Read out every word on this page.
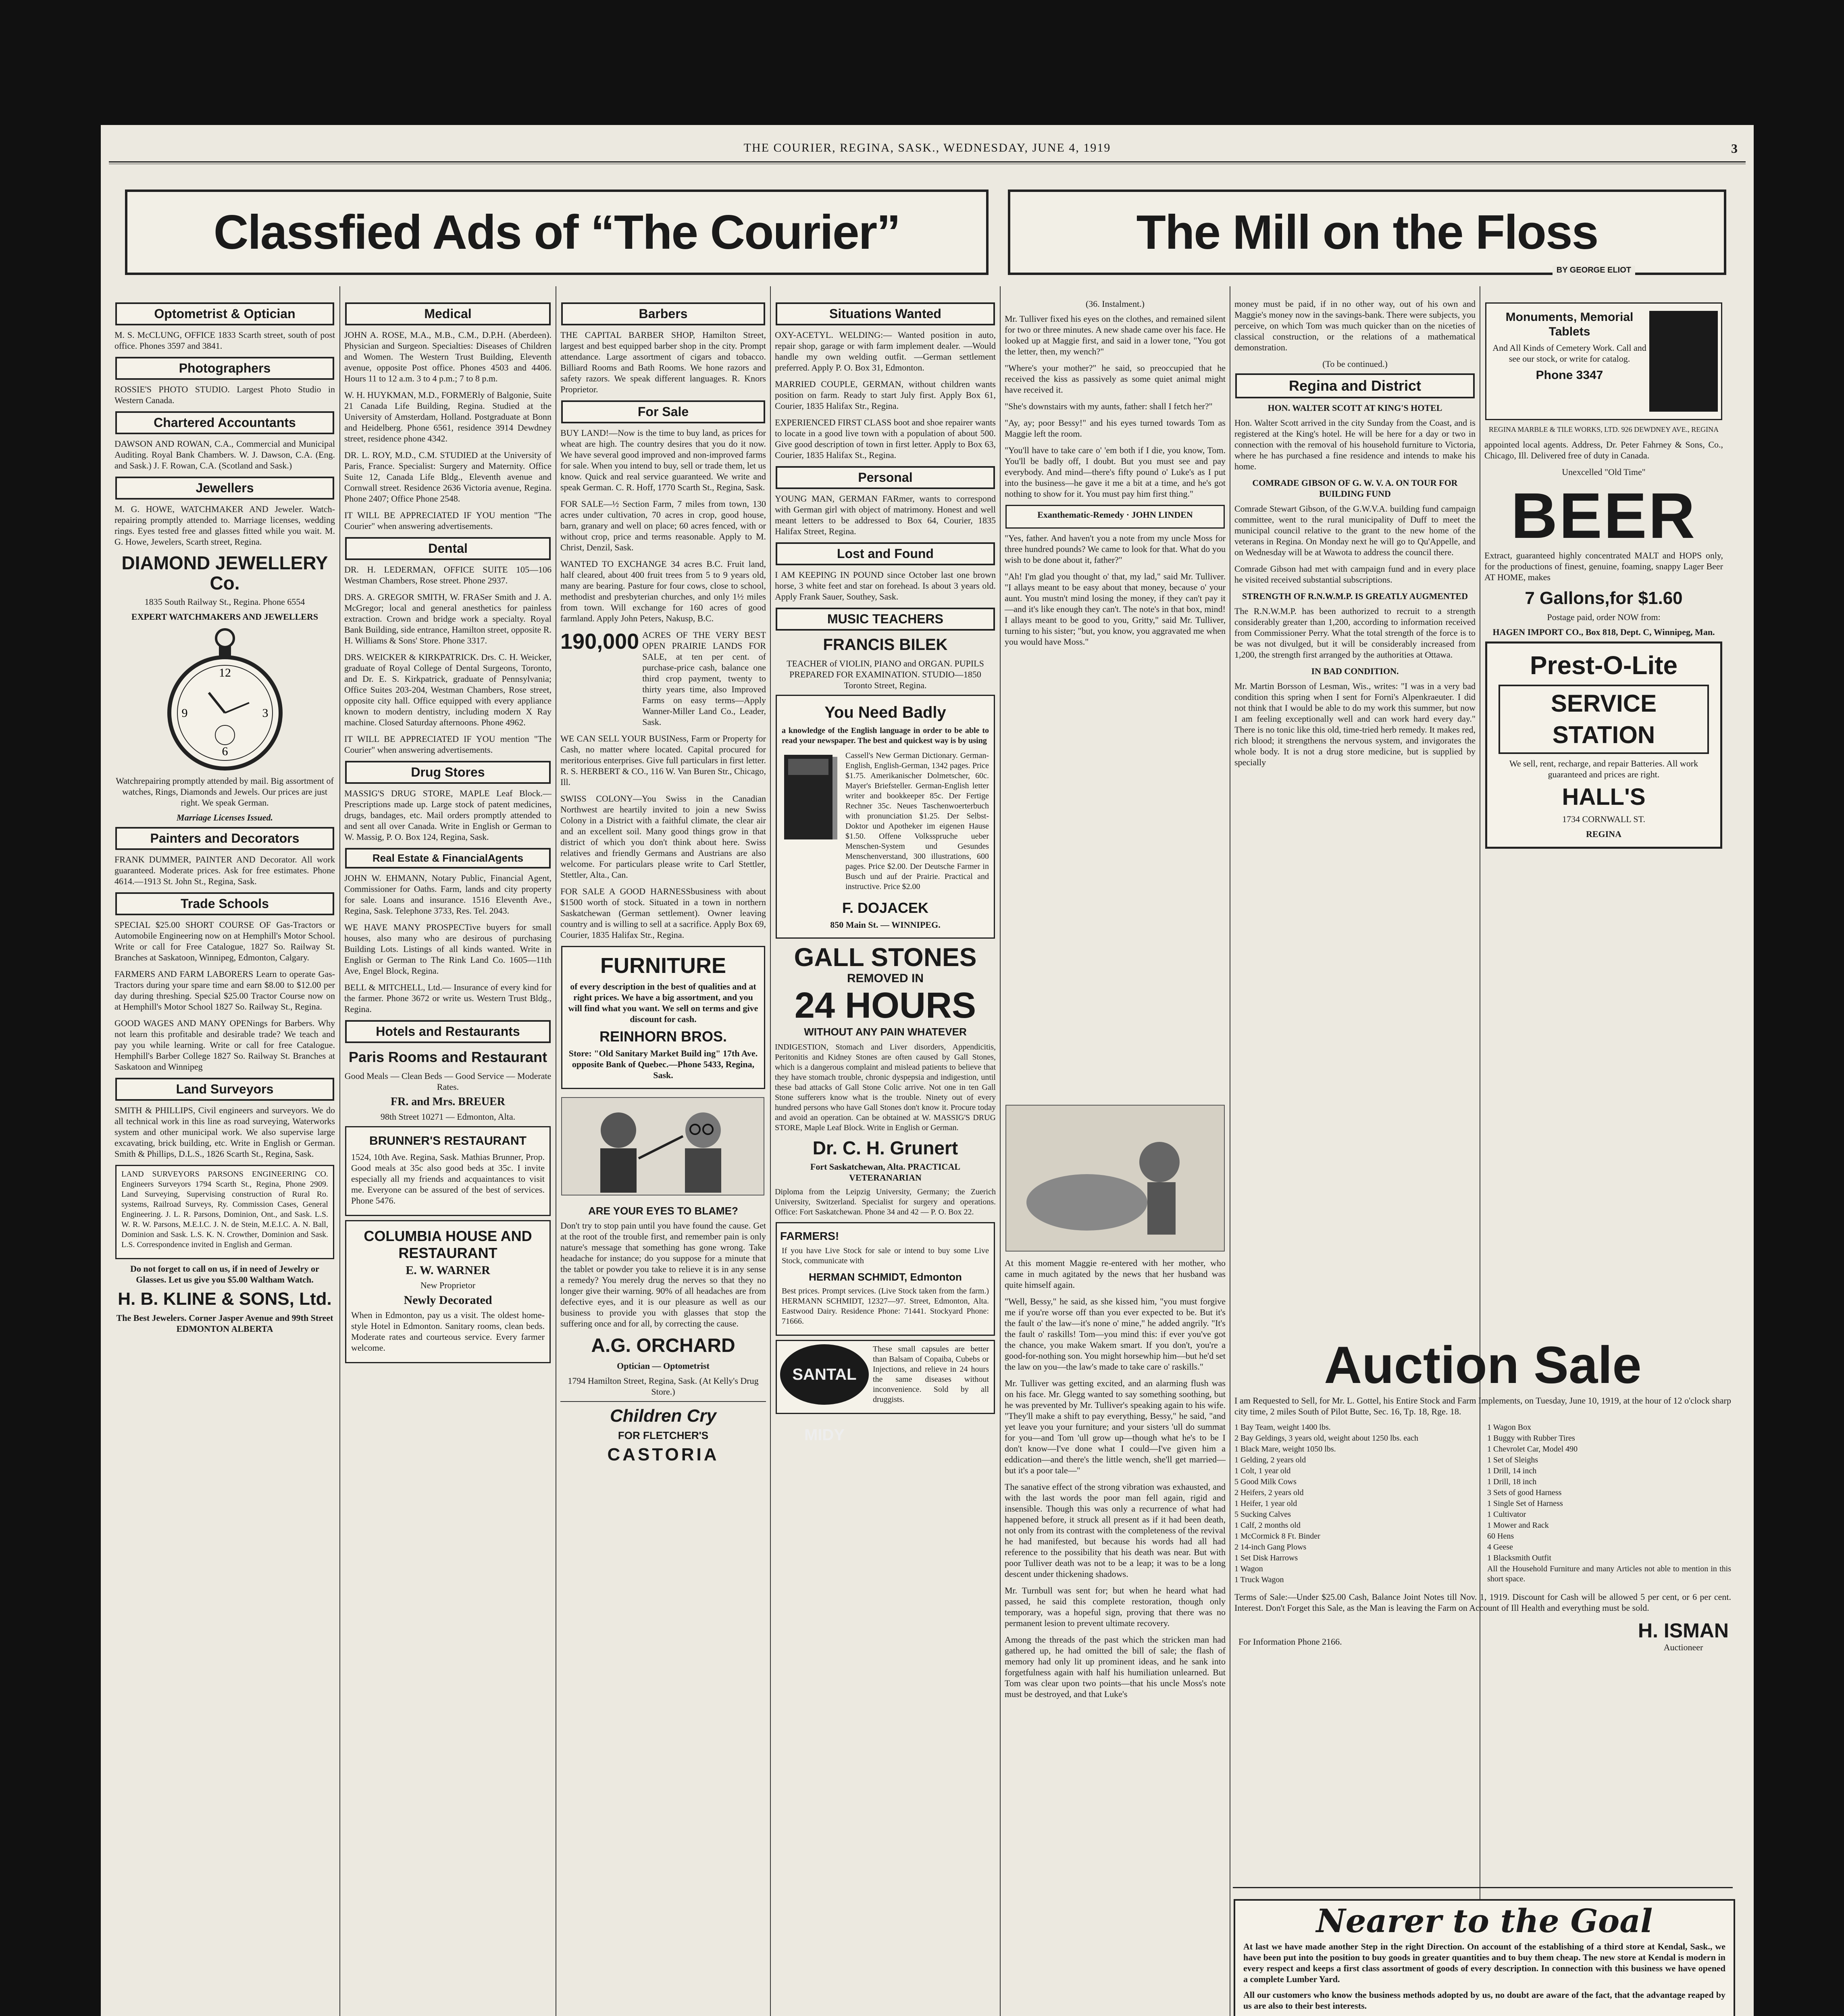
THE COURIER, REGINA, SASK., WEDNESDAY, JUNE 4, 1919	3
Classfied Ads of “The Courier”	The Mill on the Floss
BY GEORGE ELIOT
Optometrist & Optician

M. S. McCLUNG, OFFICE 1833 Scarth street, south of post office. Phones 3597 and 3841.

Photographers

ROSSIE'S PHOTO STUDIO. Largest Photo Studio in Western Canada.

Chartered Accountants

DAWSON AND ROWAN, C.A., Commercial and Municipal Auditing. Royal Bank Chambers. W. J. Dawson, C.A. (Eng. and Sask.) J. F. Rowan, C.A. (Scotland and Sask.)

Jewellers

M. G. HOWE, WATCHMAKER AND Jeweler. Watch-repairing promptly attended to. Marriage licenses, wedding rings. Eyes tested free and glasses fitted while you wait. M. G. Howe, Jewelers, Scarth street, Regina.

DIAMOND JEWELLERY Co.

1835 South Railway St., Regina. Phone 6554

EXPERT WATCHMAKERS AND JEWELLERS

12
3
6
9

Watchrepairing promptly attended by mail. Big assortment of watches, Rings, Diamonds and Jewels. Our prices are just right. We speak German.

Marriage Licenses Issued.

Painters and Decorators

FRANK DUMMER, PAINTER AND Decorator. All work guaranteed. Moderate prices. Ask for free estimates. Phone 4614.—1913 St. John St., Regina, Sask.

Trade Schools

SPECIAL $25.00 SHORT COURSE OF Gas-Tractors or Automobile Engineering now on at Hemphill's Motor School. Write or call for Free Catalogue, 1827 So. Railway St. Branches at Saskatoon, Winnipeg, Edmonton, Calgary.

FARMERS AND FARM LABORERS Learn to operate Gas-Tractors during your spare time and earn $8.00 to $12.00 per day during threshing. Special $25.00 Tractor Course now on at Hemphill's Motor School 1827 So. Railway St., Regina.

GOOD WAGES AND MANY OPENings for Barbers. Why not learn this profitable and desirable trade? We teach and pay you while learning. Write or call for free Catalogue. Hemphill's Barber College 1827 So. Railway St. Branches at Saskatoon and Winnipeg

Land Surveyors

SMITH & PHILLIPS, Civil engineers and surveyors. We do all technical work in this line as road surveying, Waterworks system and other municipal work. We also supervise large excavating, brick building, etc. Write in English or German. Smith & Phillips, D.L.S., 1826 Scarth St., Regina, Sask.

LAND SURVEYORS PARSONS ENGINEERING CO. Engineers Surveyors 1794 Scarth St., Regina, Phone 2909. Land Surveying, Supervising construction of Rural Ro. systems, Railroad Surveys, Ry. Commission Cases, General Engineering. J. L. R. Parsons, Dominion, Ont., and Sask. L.S. W. R. W. Parsons, M.E.I.C. J. N. de Stein, M.E.I.C. A. N. Ball, Dominion and Sask. L.S. K. N. Crowther, Dominion and Sask. L.S. Correspondence invited in English and German.

Do not forget to call on us, if in need of Jewelry or Glasses. Let us give you $5.00 Waltham Watch.

H. B. KLINE & SONS, Ltd.

The Best Jewelers. Corner Jasper Avenue and 99th Street EDMONTON ALBERTA

Medical

JOHN A. ROSE, M.A., M.B., C.M., D.P.H. (Aberdeen). Physician and Surgeon. Specialties: Diseases of Children and Women. The Western Trust Building, Eleventh avenue, opposite Post office. Phones 4503 and 4406. Hours 11 to 12 a.m. 3 to 4 p.m.; 7 to 8 p.m.

W. H. HUYKMAN, M.D., FORMERly of Balgonie, Suite 21 Canada Life Building, Regina. Studied at the University of Amsterdam, Holland. Postgraduate at Bonn and Heidelberg. Phone 6561, residence 3914 Dewdney street, residence phone 4342.

DR. L. ROY, M.D., C.M. STUDIED at the University of Paris, France. Specialist: Surgery and Maternity. Office Suite 12, Canada Life Bldg., Eleventh avenue and Cornwall street. Residence 2636 Victoria avenue, Regina. Phone 2407; Office Phone 2548.

IT WILL BE APPRECIATED IF YOU mention "The Courier" when answering advertisements.

Dental

DR. H. LEDERMAN, OFFICE SUITE 105—106 Westman Chambers, Rose street. Phone 2937.

DRS. A. GREGOR SMITH, W. FRASer Smith and J. A. McGregor; local and general anesthetics for painless extraction. Crown and bridge work a specialty. Royal Bank Building, side entrance, Hamilton street, opposite R. H. Williams & Sons' Store. Phone 3317.

DRS. WEICKER & KIRKPATRICK. Drs. C. H. Weicker, graduate of Royal College of Dental Surgeons, Toronto, and Dr. E. S. Kirkpatrick, graduate of Pennsylvania; Office Suites 203-204, Westman Chambers, Rose street, opposite city hall. Office equipped with every appliance known to modern dentistry, including modern X Ray machine. Closed Saturday afternoons. Phone 4962.

IT WILL BE APPRECIATED IF YOU mention "The Courier" when answering advertisements.

Drug Stores

MASSIG'S DRUG STORE, MAPLE Leaf Block.—Prescriptions made up. Large stock of patent medicines, drugs, bandages, etc. Mail orders promptly attended to and sent all over Canada. Write in English or German to W. Massig, P. O. Box 124, Regina, Sask.

Real Estate & FinancialAgents

JOHN W. EHMANN, Notary Public, Financial Agent, Commissioner for Oaths. Farm, lands and city property for sale. Loans and insurance. 1516 Eleventh Ave., Regina, Sask. Telephone 3733, Res. Tel. 2043.

WE HAVE MANY PROSPECTive buyers for small houses, also many who are desirous of purchasing Building Lots. Listings of all kinds wanted. Write in English or German to The Rink Land Co. 1605—11th Ave, Engel Block, Regina.

BELL & MITCHELL, Ltd.— Insurance of every kind for the farmer. Phone 3672 or write us. Western Trust Bldg., Regina.

Hotels and Restaurants
Paris Rooms and Restaurant

Good Meals — Clean Beds — Good Service — Moderate Rates.

FR. and Mrs. BREUER

98th Street 10271 — Edmonton, Alta.

BRUNNER'S RESTAURANT

1524, 10th Ave. Regina, Sask. Mathias Brunner, Prop. Good meals at 35c also good beds at 35c. I invite especially all my friends and acquaintances to visit me. Everyone can be assured of the best of services. Phone 5476.

COLUMBIA HOUSE AND RESTAURANT

E. W. WARNER

New Proprietor

Newly Decorated

When in Edmonton, pay us a visit. The oldest home-style Hotel in Edmonton. Sanitary rooms, clean beds. Moderate rates and courteous service. Every farmer welcome.

Barbers

THE CAPITAL BARBER SHOP, Hamilton Street, largest and best equipped barber shop in the city. Prompt attendance. Large assortment of cigars and tobacco. Billiard Rooms and Bath Rooms. We hone razors and safety razors. We speak different languages. R. Knors Proprietor.

For Sale

BUY LAND!—Now is the time to buy land, as prices for wheat are high. The country desires that you do it now. We have several good improved and non-improved farms for sale. When you intend to buy, sell or trade them, let us know. Quick and real service guaranteed. We write and speak German. C. R. Hoff, 1770 Scarth St., Regina, Sask.

FOR SALE—½ Section Farm, 7 miles from town, 130 acres under cultivation, 70 acres in crop, good house, barn, granary and well on place; 60 acres fenced, with or without crop, price and terms reasonable. Apply to M. Christ, Denzil, Sask.

WANTED TO EXCHANGE 34 acres B.C. Fruit land, half cleared, about 400 fruit trees from 5 to 9 years old, many are bearing. Pasture for four cows, close to school, methodist and presbyterian churches, and only 1½ miles from town. Will exchange for 160 acres of good farmland. Apply John Peters, Nakusp, B.C.

190,000 ACRES OF THE VERY BEST OPEN PRAIRIE LANDS FOR SALE, at ten per cent. of purchase-price cash, balance one third crop payment, twenty to thirty years time, also Improved Farms on easy terms—Apply Wanner-Miller Land Co., Leader, Sask.

WE CAN SELL YOUR BUSINess, Farm or Property for Cash, no matter where located. Capital procured for meritorious enterprises. Give full particulars in first letter. R. S. HERBERT & CO., 116 W. Van Buren Str., Chicago, Ill.

SWISS COLONY—You Swiss in the Canadian Northwest are heartily invited to join a new Swiss Colony in a District with a faithful climate, the clear air and an excellent soil. Many good things grow in that district of which you don't think about here. Swiss relatives and friendly Germans and Austrians are also welcome. For particulars please write to Carl Stettler, Stettler, Alta., Can.

FOR SALE A GOOD HARNESSbusiness with about $1500 worth of stock. Situated in a town in northern Saskatchewan (German settlement). Owner leaving country and is willing to sell at a sacrifice. Apply Box 69, Courier, 1835 Halifax Str., Regina.

FURNITURE

of every description in the best of qualities and at right prices. We have a big assortment, and you will find what you want. We sell on terms and give discount for cash.

REINHORN BROS.

Store: "Old Sanitary Market Build ing" 17th Ave. opposite Bank of Quebec.—Phone 5433, Regina, Sask.

ARE YOUR EYES TO BLAME?

Don't try to stop pain until you have found the cause. Get at the root of the trouble first, and remember pain is only nature's message that something has gone wrong. Take headache for instance; do you suppose for a minute that the tablet or powder you take to relieve it is in any sense a remedy? You merely drug the nerves so that they no longer give their warning. 90% of all headaches are from defective eyes, and it is our pleasure as well as our business to provide you with glasses that stop the suffering once and for all, by correcting the cause.

A.G. ORCHARD

Optician — Optometrist

1794 Hamilton Street, Regina, Sask. (At Kelly's Drug Store.)

Children Cry
FOR FLETCHER'S
CASTORIA
Situations Wanted

OXY-ACETYL. WELDING:— Wanted position in auto, repair shop, garage or with farm implement dealer. —Would handle my own welding outfit. —German settlement preferred. Apply P. O. Box 31, Edmonton.

MARRIED COUPLE, GERMAN, without children wants position on farm. Ready to start July first. Apply Box 61, Courier, 1835 Halifax Str., Regina.

EXPERIENCED FIRST CLASS boot and shoe repairer wants to locate in a good live town with a population of about 500. Give good description of town in first letter. Apply to Box 63, Courier, 1835 Halifax St., Regina.

Personal

YOUNG MAN, GERMAN FARmer, wants to correspond with German girl with object of matrimony. Honest and well meant letters to be addressed to Box 64, Courier, 1835 Halifax Street, Regina.

Lost and Found

I AM KEEPING IN POUND since October last one brown horse, 3 white feet and star on forehead. Is about 3 years old. Apply Frank Sauer, Southey, Sask.

MUSIC TEACHERS
FRANCIS BILEK

TEACHER of VIOLIN, PIANO and ORGAN. PUPILS PREPARED FOR EXAMINATION. STUDIO—1850 Toronto Street, Regina.

You Need Badly

a knowledge of the English language in order to be able to read your newspaper. The best and quickest way is by using

Cassell's New German Dictionary. German-English, English-German, 1342 pages. Price $1.75. Amerikanischer Dolmetscher, 60c. Mayer's Briefsteller. German-English letter writer and bookkeeper 85c. Der Fertige Rechner 35c. Neues Taschenwoerterbuch with pronunciation $1.25. Der Selbst-Doktor und Apotheker im eigenen Hause $1.50. Offene Volksspruche ueber Menschen-System und Gesundes Menschenverstand, 300 illustrations, 600 pages. Price $2.00. Der Deutsche Farmer in Busch und auf der Prairie. Practical and instructive. Price $2.00

F. DOJACEK

850 Main St. — WINNIPEG.

GALL STONES
REMOVED IN
24 HOURS
WITHOUT ANY PAIN WHATEVER

INDIGESTION, Stomach and Liver disorders, Appendicitis, Peritonitis and Kidney Stones are often caused by Gall Stones, which is a dangerous complaint and mislead patients to believe that they have stomach trouble, chronic dyspepsia and indigestion, until these bad attacks of Gall Stone Colic arrive. Not one in ten Gall Stone sufferers know what is the trouble. Ninety out of every hundred persons who have Gall Stones don't know it. Procure today and avoid an operation. Can be obtained at W. MASSIG'S DRUG STORE, Maple Leaf Block. Write in English or German.

Dr. C. H. Grunert

Fort Saskatchewan, Alta. PRACTICAL VETERANARIAN

Diploma from the Leipzig University, Germany; the Zuerich University, Switzerland. Specialist for surgery and operations. Office: Fort Saskatchewan. Phone 34 and 42 — P. O. Box 22.

FARMERS!

If you have Live Stock for sale or intend to buy some Live Stock, communicate with

HERMAN SCHMIDT, Edmonton

Best prices. Prompt services. (Live Stock taken from the farm.) HERMANN SCHMIDT, 12327—97. Street, Edmonton, Alta. Eastwood Dairy. Residence Phone: 71441. Stockyard Phone: 71666.

SANTAL MIDY

These small capsules are better than Balsam of Copaiba, Cubebs or Injections, and relieve in 24 hours the same diseases without inconvenience. Sold by all druggists.

(36. Instalment.)

Mr. Tulliver fixed his eyes on the clothes, and remained silent for two or three minutes. A new shade came over his face. He looked up at Maggie first, and said in a lower tone, "You got the letter, then, my wench?"

"Where's your mother?" he said, so preoccupied that he received the kiss as passively as some quiet animal might have received it.

"She's downstairs with my aunts, father: shall I fetch her?"

"Ay, ay; poor Bessy!" and his eyes turned towards Tom as Maggie left the room.

"You'll have to take care o' 'em both if I die, you know, Tom. You'll be badly off, I doubt. But you must see and pay everybody. And mind—there's fifty pound o' Luke's as I put into the business—he gave it me a bit at a time, and he's got nothing to show for it. You must pay him first thing."

Exanthematic-Remedy · JOHN LINDEN

"Yes, father. And haven't you a note from my uncle Moss for three hundred pounds? We came to look for that. What do you wish to be done about it, father?"

"Ah! I'm glad you thought o' that, my lad," said Mr. Tulliver. "I allays meant to be easy about that money, because o' your aunt. You mustn't mind losing the money, if they can't pay it—and it's like enough they can't. The note's in that box, mind! I allays meant to be good to you, Gritty," said Mr. Tulliver, turning to his sister; "but, you know, you aggravated me when you would have Moss."

At this moment Maggie re-entered with her mother, who came in much agitated by the news that her husband was quite himself again.

"Well, Bessy," he said, as she kissed him, "you must forgive me if you're worse off than you ever expected to be. But it's the fault o' the law—it's none o' mine," he added angrily. "It's the fault o' raskills! Tom—you mind this: if ever you've got the chance, you make Wakem smart. If you don't, you're a good-for-nothing son. You might horsewhip him—but he'd set the law on you—the law's made to take care o' raskills."

Mr. Tulliver was getting excited, and an alarming flush was on his face. Mr. Glegg wanted to say something soothing, but he was prevented by Mr. Tulliver's speaking again to his wife. "They'll make a shift to pay everything, Bessy," he said, "and yet leave you your furniture; and your sisters 'ull do summat for you—and Tom 'ull grow up—though what he's to be I don't know—I've done what I could—I've given him a eddication—and there's the little wench, she'll get married—but it's a poor tale—"

The sanative effect of the strong vibration was exhausted, and with the last words the poor man fell again, rigid and insensible. Though this was only a recurrence of what had happened before, it struck all present as if it had been death, not only from its contrast with the completeness of the revival he had manifested, but because his words had all had reference to the possibility that his death was near. But with poor Tulliver death was not to be a leap; it was to be a long descent under thickening shadows.

Mr. Turnbull was sent for; but when he heard what had passed, he said this complete restoration, though only temporary, was a hopeful sign, proving that there was no permanent lesion to prevent ultimate recovery.

Among the threads of the past which the stricken man had gathered up, he had omitted the bill of sale; the flash of memory had only lit up prominent ideas, and he sank into forgetfulness again with half his humiliation unlearned. But Tom was clear upon two points—that his uncle Moss's note must be destroyed, and that Luke's

money must be paid, if in no other way, out of his own and Maggie's money now in the savings-bank. There were subjects, you perceive, on which Tom was much quicker than on the niceties of classical construction, or the relations of a mathematical demonstration.

(To be continued.)

Regina and District

HON. WALTER SCOTT AT KING'S HOTEL

Hon. Walter Scott arrived in the city Sunday from the Coast, and is registered at the King's hotel. He will be here for a day or two in connection with the removal of his household furniture to Victoria, where he has purchased a fine residence and intends to make his home.

COMRADE GIBSON OF G. W. V. A. ON TOUR FOR BUILDING FUND

Comrade Stewart Gibson, of the G.W.V.A. building fund campaign committee, went to the rural municipality of Duff to meet the municipal council relative to the grant to the new home of the veterans in Regina. On Monday next he will go to Qu'Appelle, and on Wednesday will be at Wawota to address the council there.

Comrade Gibson had met with campaign fund and in every place he visited received substantial subscriptions.

STRENGTH OF R.N.W.M.P. IS GREATLY AUGMENTED

The R.N.W.M.P. has been authorized to recruit to a strength considerably greater than 1,200, according to information received from Commissioner Perry. What the total strength of the force is to be was not divulged, but it will be considerably increased from 1,200, the strength first arranged by the authorities at Ottawa.

IN BAD CONDITION.

Mr. Martin Borsson of Lesman, Wis., writes: "I was in a very bad condition this spring when I sent for Forni's Alpenkraeuter. I did not think that I would be able to do my work this summer, but now I am feeling exceptionally well and can work hard every day." There is no tonic like this old, time-tried herb remedy. It makes red, rich blood; it strengthens the nervous system, and invigorates the whole body. It is not a drug store medicine, but is supplied by specially

Monuments, Memorial Tablets

And All Kinds of Cemetery Work. Call and see our stock, or write for catalog.

Phone 3347

REGINA MARBLE & TILE WORKS, LTD. 926 DEWDNEY AVE., REGINA

appointed local agents. Address, Dr. Peter Fahrney & Sons, Co., Chicago, Ill. Delivered free of duty in Canada.

Unexcelled "Old Time"

BEER

Extract, guaranteed highly concentrated MALT and HOPS only, for the productions of finest, genuine, foaming, snappy Lager Beer AT HOME, makes

7 Gallons,for $1.60

Postage paid, order NOW from:

HAGEN IMPORT CO., Box 818, Dept. C, Winnipeg, Man.

Prest-O-Lite
SERVICE
STATION

We sell, rent, recharge, and repair Batteries. All work guaranteed and prices are right.

HALL'S

1734 CORNWALL ST.

REGINA

Auction Sale

I am Requested to Sell, for Mr. L. Gottel, his Entire Stock and Farm Implements, on Tuesday, June 10, 1919, at the hour of 12 o'clock sharp city time, 2 miles South of Pilot Butte, Sec. 16, Tp. 18, Rge. 18.

1 Bay Team, weight 1400 lbs.
2 Bay Geldings, 3 years old, weight about 1250 lbs. each
1 Black Mare, weight 1050 lbs.
1 Gelding, 2 years old
1 Colt, 1 year old
5 Good Milk Cows
2 Heifers, 2 years old
1 Heifer, 1 year old
5 Sucking Calves
1 Calf, 2 months old
1 McCormick 8 Ft. Binder
2 14-inch Gang Plows
1 Set Disk Harrows
1 Wagon
1 Truck Wagon
1 Wagon Box
1 Buggy with Rubber Tires
1 Chevrolet Car, Model 490
1 Set of Sleighs
1 Drill, 14 inch
1 Drill, 18 inch
3 Sets of good Harness
1 Single Set of Harness
1 Cultivator
1 Mower and Rack
60 Hens
4 Geese
1 Blacksmith Outfit
All the Household Furniture and many Articles not able to mention in this short space.

Terms of Sale:—Under $25.00 Cash, Balance Joint Notes till Nov. 1, 1919. Discount for Cash will be allowed 5 per cent, or 6 per cent. Interest. Don't Forget this Sale, as the Man is leaving the Farm on Account of Ill Health and everything must be sold.

For Information Phone 2166.	H. ISMAN
Auctioneer
Nearer to the Goal

At last we have made another Step in the right Direction. On account of the establishing of a third store at Kendal, Sask., we have been put into the position to buy goods in greater quantities and to buy them cheap. The new store at Kendal is modern in every respect and keeps a first class assortment of goods of every description. In connection with this business we have opened a complete Lumber Yard.

All our customers who know the business methods adopted by us, no doubt are aware of the fact, that the advantage reaped by us are also to their best interests.
